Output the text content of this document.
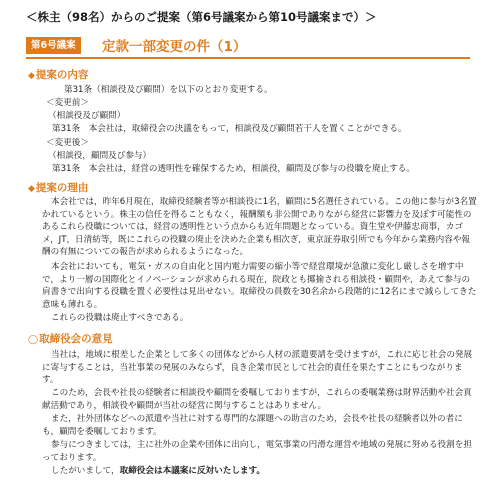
＜株主（98名）からのご提案（第6号議案から第10号議案まで）＞
第6号議案	定款一部変更の件（1）
◆提案の内容
第31条（相談役及び顧問）を以下のとおり変更する。
＜変更前＞
（相談役及び顧問）
第31条　本会社は，取締役会の決議をもって，相談役及び顧問若干人を置くことができる。
＜変更後＞
（相談役，顧問及び参与）
第31条　本会社は，経営の透明性を確保するため，相談役，顧問及び参与の役職を廃止する。
◆提案の理由
本会社では，昨年6月現在，取締役経験者等が相談役に1名，顧問に5名選任されている。この他に参与が3名置かれているという。株主の信任を得ることもなく，報酬額も非公開でありながら経営に影響力を及ぼす可能性のあるこれら役職については，経営の透明性という点からも近年問題となっている。資生堂や伊藤忠商事，カゴメ，JT，日清紡等，既にこれらの役職の廃止を決めた企業も相次ぎ，東京証券取引所でも今年から業務内容や報酬の有無についての報告が求められるようになった。
本会社においても，電気・ガスの自由化と国内電力需要の縮小等で経営環境が急激に変化し厳しさを増す中で，より一層の国際化とイノベーションが求められる現在，院政とも揶揄される相談役・顧問や，あえて参与の肩書きで出向する役職を置く必要性は見出せない。取締役の員数を30名余から段階的に12名にまで減らしてきた意味も薄れる。
これらの役職は廃止すべきである。
◯取締役会の意見
当社は，地域に根差した企業として多くの団体などから人材の派遣要請を受けますが，これに応じ社会の発展に寄与することは，当社事業の発展のみならず，良き企業市民として社会的責任を果たすことにもつながります。
このため，会長や社長の経験者に相談役や顧問を委嘱しておりますが，これらの委嘱業務は財界活動や社会貢献活動であり，相談役や顧問が当社の経営に関与することはありません。
また，社外団体などへの派遣や当社に対する専門的な課題への助言のため，会長や社長の経験者以外の者にも，顧問を委嘱しております。
参与につきましては，主に社外の企業や団体に出向し，電気事業の円滑な運営や地域の発展に努める役割を担っております。
したがいまして，取締役会は本議案に反対いたします。
